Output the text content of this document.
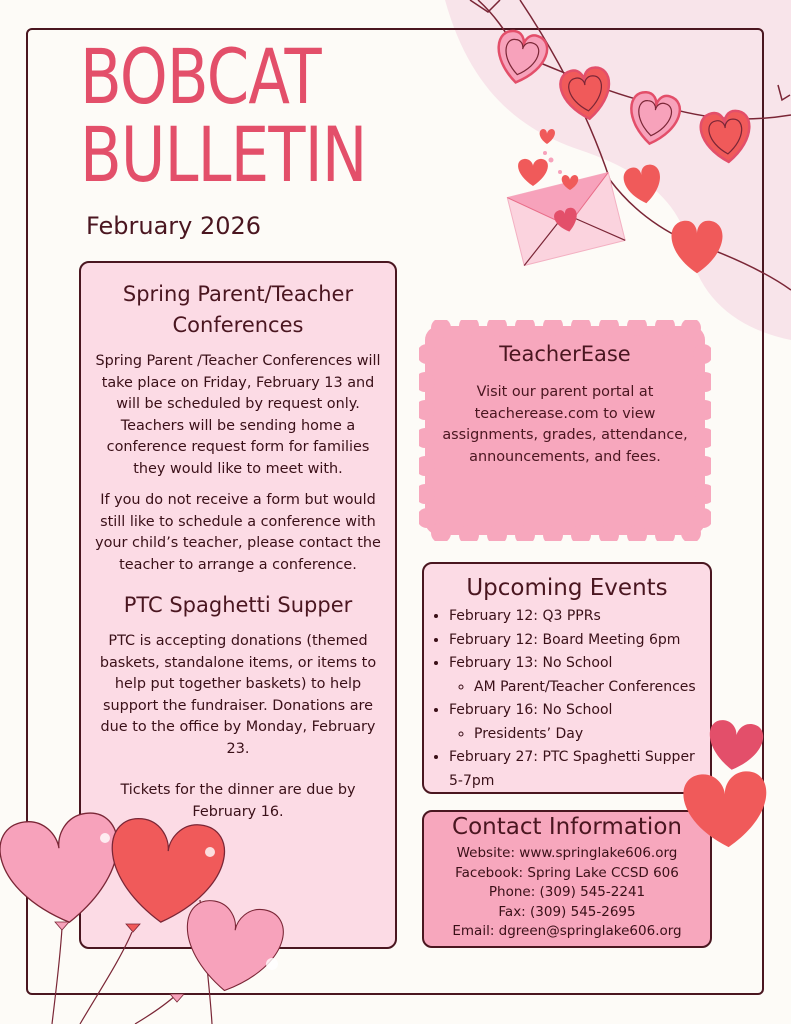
BOBCAT
BULLETIN
February 2026
Spring Parent/Teacher Conferences

Spring Parent /Teacher Conferences will take place on Friday, February 13 and will be scheduled by request only. Teachers will be sending home a conference request form for families they would like to meet with.

If you do not receive a form but would still like to schedule a conference with your child’s teacher, please contact the teacher to arrange a conference.

PTC Spaghetti Supper

PTC is accepting donations (themed baskets, standalone items, or items to help put together baskets) to help support the fundraiser. Donations are due to the office by Monday, February 23.

Tickets for the dinner are due by February 16.

TeacherEase

Visit our parent portal at teacherease.com to view assignments, grades, attendance, announcements, and fees.

Upcoming Events
• February 12: Q3 PPRs
• February 12: Board Meeting 6pm
• February 13: No School
◦ AM Parent/Teacher Conferences
• February 16: No School
◦ Presidents’ Day
• February 27: PTC Spaghetti Supper 5-7pm
Contact Information
Website: www.springlake606.org
Facebook: Spring Lake CCSD 606
Phone: (309) 545-2241
Fax: (309) 545-2695
Email: dgreen@springlake606.org
